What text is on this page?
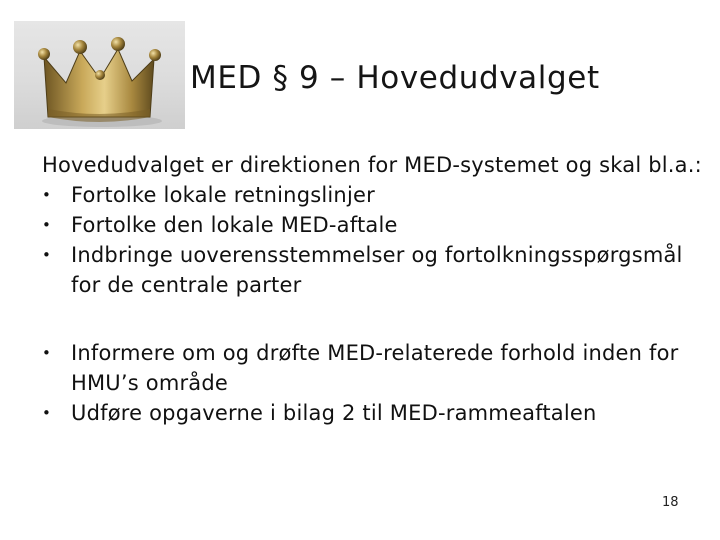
MED § 9 – Hovedudvalget

Hovedudvalget er direktionen for MED-systemet og skal bl.a.:

• Fortolke lokale retningslinjer
• Fortolke den lokale MED-aftale
• Indbringe uoverensstemmelser og fortolkningsspørgsmål for de centrale parter
• Informere om og drøfte MED-relaterede forhold inden for HMU’s område
• Udføre opgaverne i bilag 2 til MED-rammeaftalen
18
